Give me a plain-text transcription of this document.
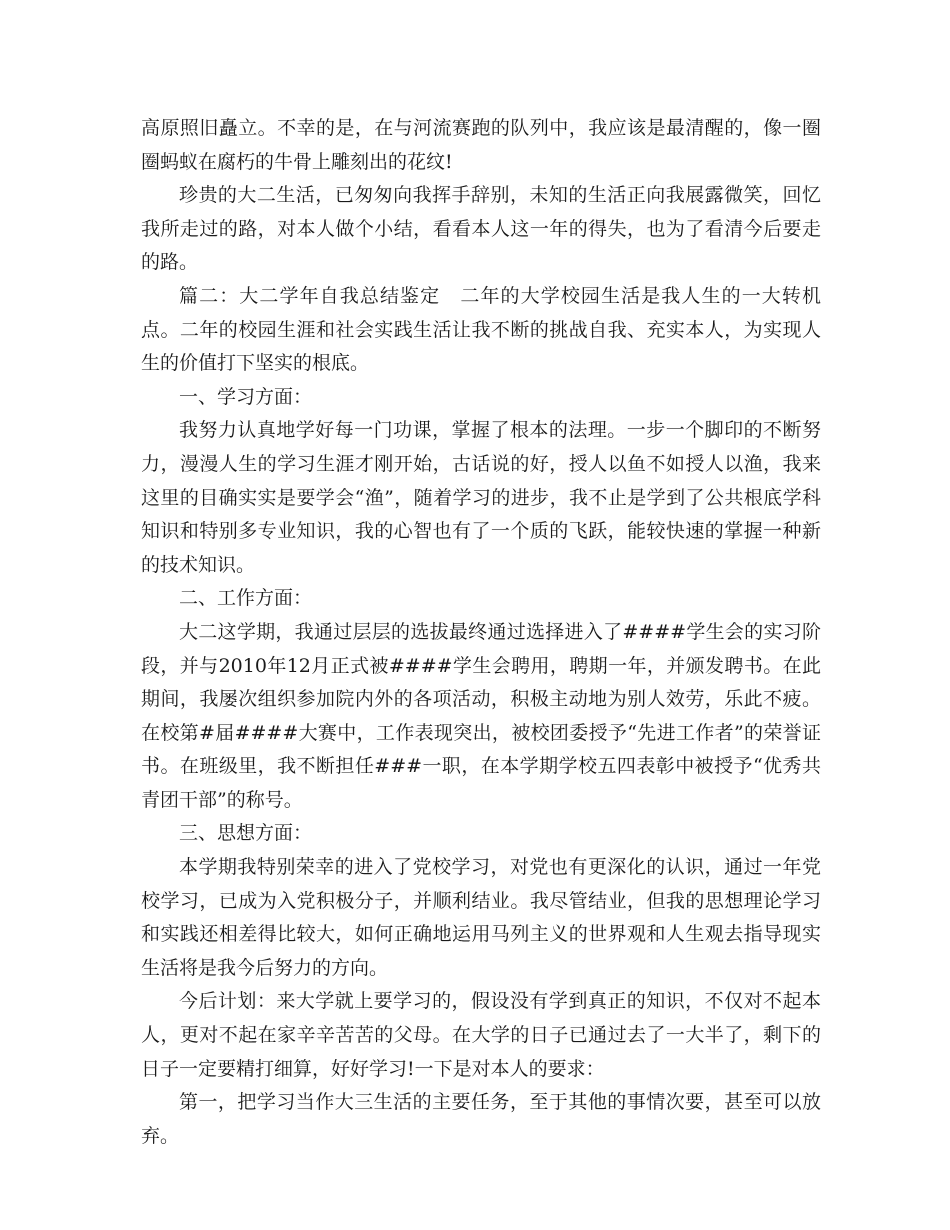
高原照旧矗立。不幸的是，在与河流赛跑的队列中，我应该是最清醒的，像一圈圈蚂蚁在腐朽的牛骨上雕刻出的花纹!

珍贵的大二生活，已匆匆向我挥手辞别，未知的生活正向我展露微笑，回忆我所走过的路，对本人做个小结，看看本人这一年的得失，也为了看清今后要走的路。

篇二：大二学年自我总结鉴定　二年的大学校园生活是我人生的一大转机点。二年的校园生涯和社会实践生活让我不断的挑战自我、充实本人，为实现人生的价值打下坚实的根底。

一、学习方面：

我努力认真地学好每一门功课，掌握了根本的法理。一步一个脚印的不断努力，漫漫人生的学习生涯才刚开始，古话说的好，授人以鱼不如授人以渔，我来这里的目确实实是要学会“渔”，随着学习的进步，我不止是学到了公共根底学科知识和特别多专业知识，我的心智也有了一个质的飞跃，能较快速的掌握一种新的技术知识。

二、工作方面：

大二这学期，我通过层层的选拔最终通过选择进入了####学生会的实习阶段，并与2010年12月正式被####学生会聘用，聘期一年，并颁发聘书。在此期间，我屡次组织参加院内外的各项活动，积极主动地为别人效劳，乐此不疲。在校第#届####大赛中，工作表现突出，被校团委授予“先进工作者”的荣誉证书。在班级里，我不断担任###一职，在本学期学校五四表彰中被授予“优秀共青团干部”的称号。

三、思想方面：

本学期我特别荣幸的进入了党校学习，对党也有更深化的认识，通过一年党校学习，已成为入党积极分子，并顺利结业。我尽管结业，但我的思想理论学习和实践还相差得比较大，如何正确地运用马列主义的世界观和人生观去指导现实生活将是我今后努力的方向。

今后计划：来大学就上要学习的，假设没有学到真正的知识，不仅对不起本人，更对不起在家辛辛苦苦的父母。在大学的日子已通过去了一大半了，剩下的日子一定要精打细算，好好学习!一下是对本人的要求：

第一，把学习当作大三生活的主要任务，至于其他的事情次要，甚至可以放弃。
